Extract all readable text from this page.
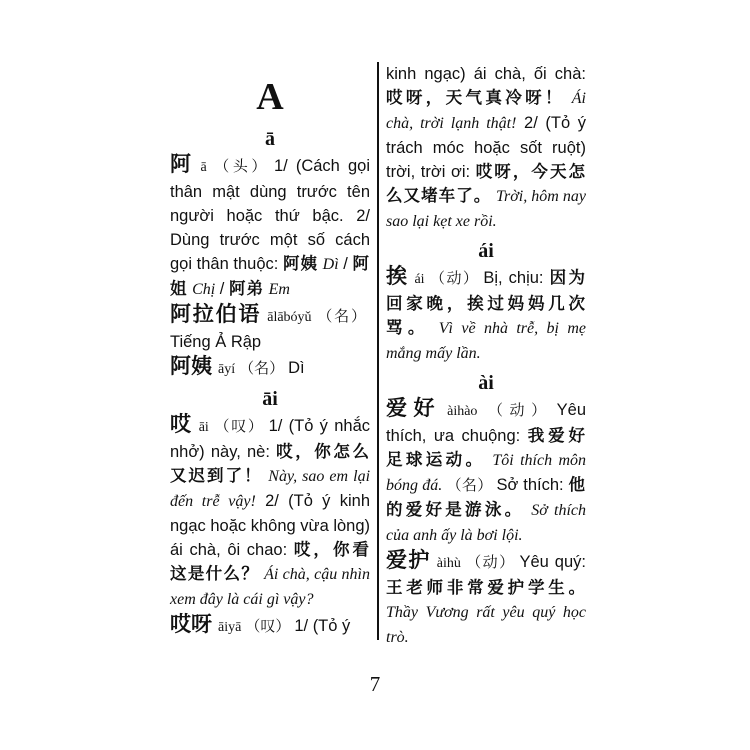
A
ā
阿ā （头） 1/ (Cách gọi thân mật dùng trước tên người hoặc thứ bậc. 2/ Dùng trước một số cách gọi thân thuộc: 阿姨 Dì / 阿姐 Chị / 阿弟 Em
阿拉伯语 ālābóyǔ （名）Tiếng Ả Rập
阿姨 āyí （名） Dì
āi
哎āi （叹） 1/ (Tỏ ý nhắc nhở) này, nè: 哎，你怎么又迟到了！ Này, sao em lại đến trễ vậy! 2/ (Tỏ ý kinh ngạc hoặc không vừa lòng) ái chà, ôi chao: 哎，你看这是什么？ Ái chà, cậu nhìn xem đây là cái gì vậy?
哎呀 āiyā （叹） 1/ (Tỏ ý
kinh ngạc) ái chà, ối chà: 哎呀，天气真冷呀！ Ái chà, trời lạnh thật! 2/ (Tỏ ý trách móc hoặc sốt ruột) trời, trời ơi: 哎呀，今天怎么又堵车了。 Trời, hôm nay sao lại kẹt xe rồi.
ái
挨ái （动） Bị, chịu: 因为回家晚，挨过妈妈几次骂。 Vì về nhà trễ, bị mẹ mắng mấy lần.
ài
爱好 àihào （动） Yêu thích, ưa chuộng: 我爱好足球运动。 Tôi thích môn bóng đá. （名） Sở thích: 他的爱好是游泳。 Sở thích của anh ấy là bơi lội.
爱护 àihù （动） Yêu quý: 王老师非常爱护学生。 Thầy Vương rất yêu quý học trò.
7
